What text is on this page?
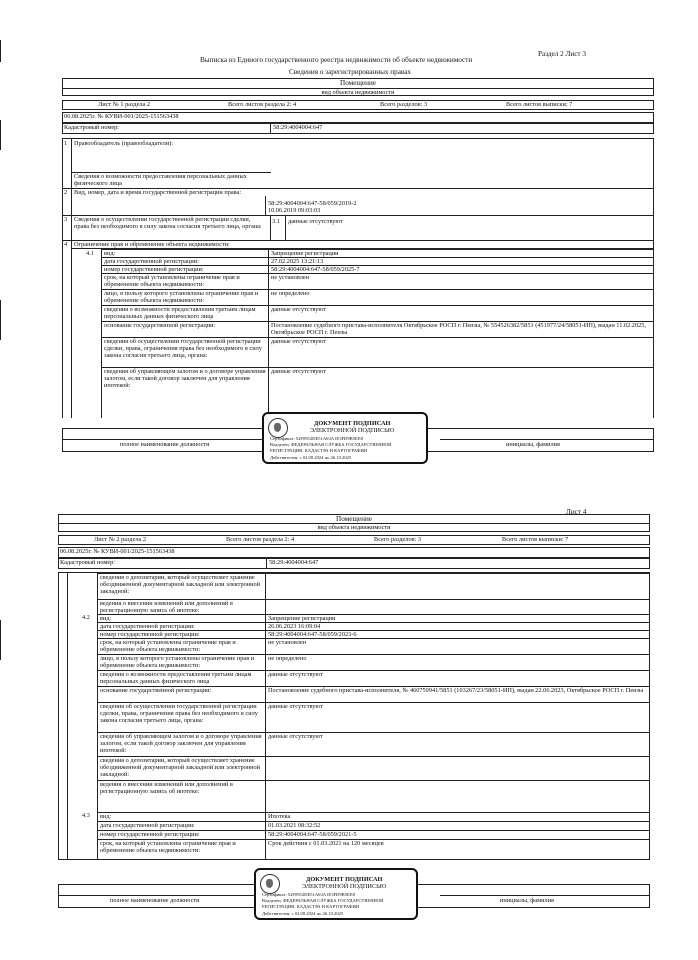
Выписка из Единого государственного реестра недвижимости об объекте недвижимости
Раздел 2 Лист 3
Сведения о зарегистрированных правах
Помещение
вид объекта недвижимости
Лист № 1 раздела 2	Всего листов раздела 2: 4	Всего разделов: 3	Всего листов выписки: 7
06.08.2025г. № КУВИ-001/2025-151563438
Кадастровый номер:	58:29:4004004:647
1 Правообладатель (правообладатели):
Сведения о возможности предоставления персональных данных физического лица
2 Вид, номер, дата и время государственной регистрации права:
58:29:4004004:647-58/059/2019-2
10.06.2019 09:03:03
3 Сведения о осуществлении государственной регистрации сделки, права без необходимого в силу закона согласия третьего лица, органа:
3.1 данные отсутствуют
4 Ограничение прав и обременение объекта недвижимости:
4.1 вид:	Запрещение регистрации
дата государственной регистрации:	27.02.2025 13:21:13
номер государственной регистрации:	58:29:4004004:647-58/059/2025-7
срок, на который установлены ограничение прав и обременение объекта недвижимости:
не установлен
лицо, в пользу которого установлены ограничение прав и обременение объекта недвижимости:
не определено
сведения о возможности предоставления третьим лицам персональных данных физического лица
данные отсутствуют
основание государственной регистрации:	Постановление судебного пристава-исполнителя Октябрьское РОСП г. Пензы, № 554526382/5851 (451977/24/58051-ИП), выдан 11.02.2025, Октябрьское РОСП г. Пензы
сведения об осуществлении государственной регистрации сделки, права, ограничения права без необходимого в силу закона согласия третьего лица, органа:
данные отсутствуют
сведения об управляющем залогом и о договоре управления залогом, если такой договор заключен для управления ипотекой:
данные отсутствуют
полное наименование должности	инициалы, фамилия
ДОКУМЕНТ ПОДПИСАН
ЭЛЕКТРОННОЙ ПОДПИСЬЮ
Сертификат: 52F0952DE51A63A1E3FD9B5EE8
Владелец: ФЕДЕРАЛЬНАЯ СЛУЖБА ГОСУДАРСТВЕННОЙ
РЕГИСТРАЦИИ, КАДАСТРА И КАРТОГРАФИИ
Действителен: с 02.08.2024 по 26.10.2025
Лист 4
Помещение
вид объекта недвижимости
Лист № 2 раздела 2	Всего листов раздела 2: 4	Всего разделов: 3	Всего листов выписки: 7
06.08.2025г. № КУВИ-001/2025-151563438
Кадастровый номер:	58:29:4004004:647
сведения о депозитарии, который осуществляет хранение обездвиженной документарной закладной или электронной закладной:
ведения о внесении изменений или дополнений в регистрационную запись об ипотеке:
4.2 вид:	Запрещение регистрации
дата государственной регистрации:	26.06.2023 16:09:04
номер государственной регистрации:	58:29:4004004:647-58/059/2023-6
срок, на который установлены ограничение прав и обременение объекта недвижимости:
не установлен
лицо, в пользу которого установлены ограничение прав и обременение объекта недвижимости:
не определено
сведения о возможности предоставления третьим лицам персональных данных физического лица
данные отсутствуют
основание государственной регистрации:	Постановление судебного пристава-исполнителя, № 460759941/5851 (103267/23/58051-ИП), выдан 22.06.2023, Октябрьское РОСП г. Пензы
сведения об осуществлении государственной регистрации сделки, права, ограничения права без необходимого в силу закона согласия третьего лица, органа:
данные отсутствуют
сведения об управляющем залогом и о договоре управления залогом, если такой договор заключен для управления ипотекой:
данные отсутствуют
сведения о депозитарии, который осуществляет хранение обездвиженной документарной закладной или электронной закладной:
ведения о внесении изменений или дополнений в регистрационную запись об ипотеке:
4.3 вид:	Ипотека
дата государственной регистрации:	01.03.2021 08:32:52
номер государственной регистрации:	58:29:4004004:647-58/059/2021-5
срок, на который установлены ограничение прав и обременение объекта недвижимости:
Срок действия с 01.03.2021 на 120 месяцев
полное наименование должности	инициалы, фамилия
ДОКУМЕНТ ПОДПИСАН
ЭЛЕКТРОННОЙ ПОДПИСЬЮ
Сертификат: 52F0952DE51A63A1E3FD9B5EE8
Владелец: ФЕДЕРАЛЬНАЯ СЛУЖБА ГОСУДАРСТВЕННОЙ
РЕГИСТРАЦИИ, КАДАСТРА И КАРТОГРАФИИ
Действителен: с 02.08.2024 по 26.10.2025
